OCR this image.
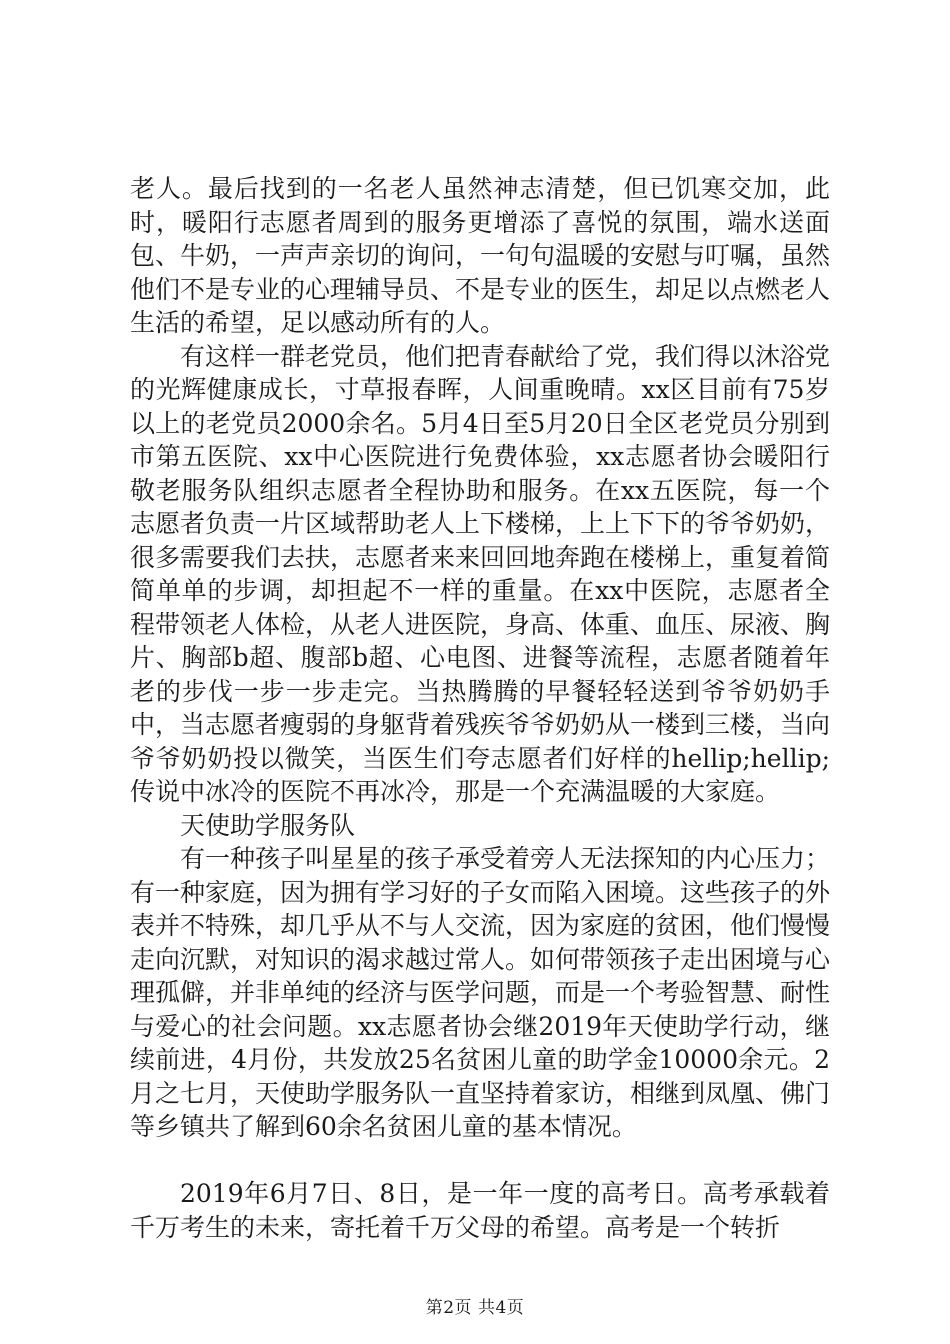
老人。最后找到的一名老人虽然神志清楚，但已饥寒交加，此时，暖阳行志愿者周到的服务更增添了喜悦的氛围，端水送面包、牛奶，一声声亲切的询问，一句句温暖的安慰与叮嘱，虽然他们不是专业的心理辅导员、不是专业的医生，却足以点燃老人生活的希望，足以感动所有的人。

有这样一群老党员，他们把青春献给了党，我们得以沐浴党的光辉健康成长，寸草报春晖，人间重晚晴。xx区目前有75岁以上的老党员2000余名。5月4日至5月20日全区老党员分别到市第五医院、xx中心医院进行免费体验，xx志愿者协会暖阳行敬老服务队组织志愿者全程协助和服务。在xx五医院，每一个志愿者负责一片区域帮助老人上下楼梯，上上下下的爷爷奶奶，很多需要我们去扶，志愿者来来回回地奔跑在楼梯上，重复着简简单单的步调，却担起不一样的重量。在xx中医院，志愿者全程带领老人体检，从老人进医院，身高、体重、血压、尿液、胸片、胸部b超、腹部b超、心电图、进餐等流程，志愿者随着年老的步伐一步一步走完。当热腾腾的早餐轻轻送到爷爷奶奶手中，当志愿者瘦弱的身躯背着残疾爷爷奶奶从一楼到三楼，当向爷爷奶奶投以微笑，当医生们夸志愿者们好样的hellip;hellip;传说中冰冷的医院不再冰冷，那是一个充满温暖的大家庭。

天使助学服务队

有一种孩子叫星星的孩子承受着旁人无法探知的内心压力；有一种家庭，因为拥有学习好的子女而陷入困境。这些孩子的外表并不特殊，却几乎从不与人交流，因为家庭的贫困，他们慢慢走向沉默，对知识的渴求越过常人。如何带领孩子走出困境与心理孤僻，并非单纯的经济与医学问题，而是一个考验智慧、耐性与爱心的社会问题。xx志愿者协会继2019年天使助学行动，继续前进，4月份，共发放25名贫困儿童的助学金10000余元。2月之七月，天使助学服务队一直坚持着家访，相继到凤凰、佛门等乡镇共了解到60余名贫困儿童的基本情况。

2019年6月7日、8日，是一年一度的高考日。高考承载着千万考生的未来，寄托着千万父母的希望。高考是一个转折

第2页 共4页
